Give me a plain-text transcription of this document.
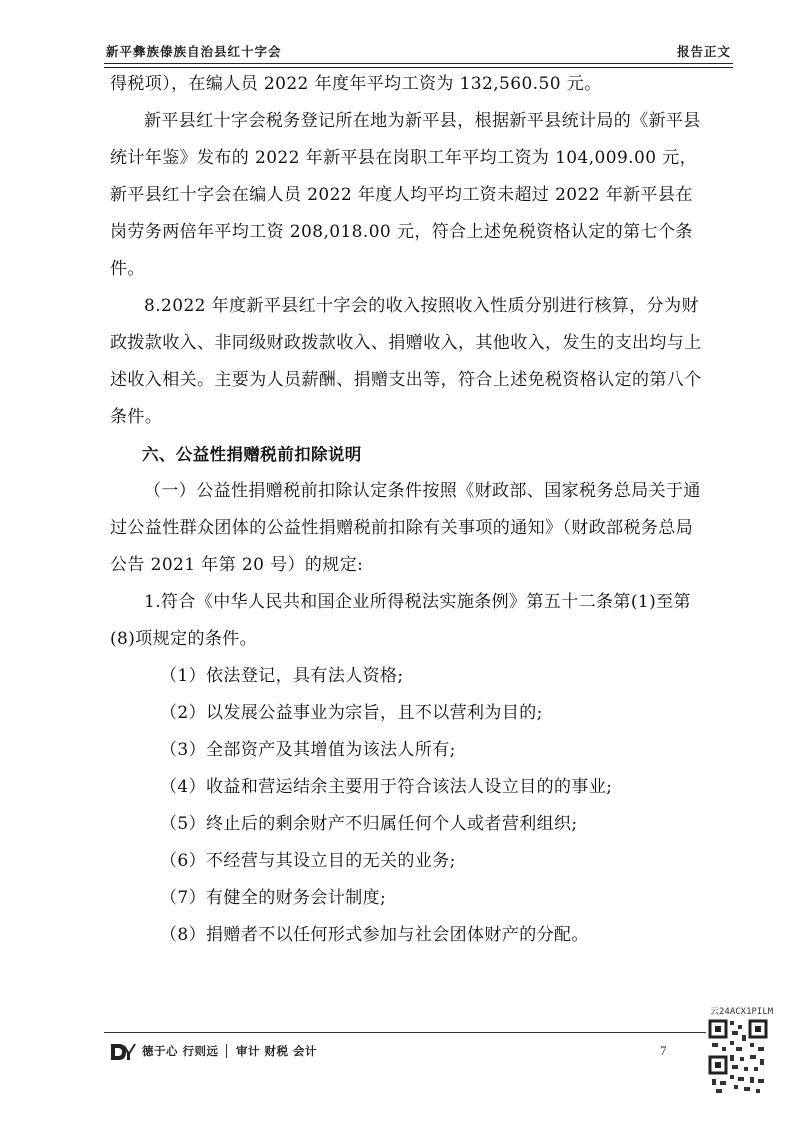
新平彝族傣族自治县红十字会	报告正文

得税项），在编人员 2022 年度年平均工资为 132,560.50 元。

新平县红十字会税务登记所在地为新平县，根据新平县统计局的《新平县统计年鉴》发布的 2022 年新平县在岗职工年平均工资为 104,009.00 元，新平县红十字会在编人员 2022 年度人均平均工资未超过 2022 年新平县在岗劳务两倍年平均工资 208,018.00 元，符合上述免税资格认定的第七个条件。

8.2022 年度新平县红十字会的收入按照收入性质分别进行核算，分为财政拨款收入、非同级财政拨款收入、捐赠收入，其他收入，发生的支出均与上述收入相关。主要为人员薪酬、捐赠支出等，符合上述免税资格认定的第八个条件。

六、公益性捐赠税前扣除说明

（一）公益性捐赠税前扣除认定条件按照《财政部、国家税务总局关于通过公益性群众团体的公益性捐赠税前扣除有关事项的通知》（财政部税务总局公告 2021 年第 20 号）的规定:

1.符合《中华人民共和国企业所得税法实施条例》第五十二条第(1)至第(8)项规定的条件。

（1）依法登记，具有法人资格;

（2）以发展公益事业为宗旨，且不以营利为目的;

（3）全部资产及其增值为该法人所有;

（4）收益和营运结余主要用于符合该法人设立目的的事业;

（5）终止后的剩余财产不归属任何个人或者营利组织;

（6）不经营与其设立目的无关的业务;

（7）有健全的财务会计制度;

（8）捐赠者不以任何形式参加与社会团体财产的分配。

德于心 行则远 审计 财税 会计	7
云24ACX1PILM
